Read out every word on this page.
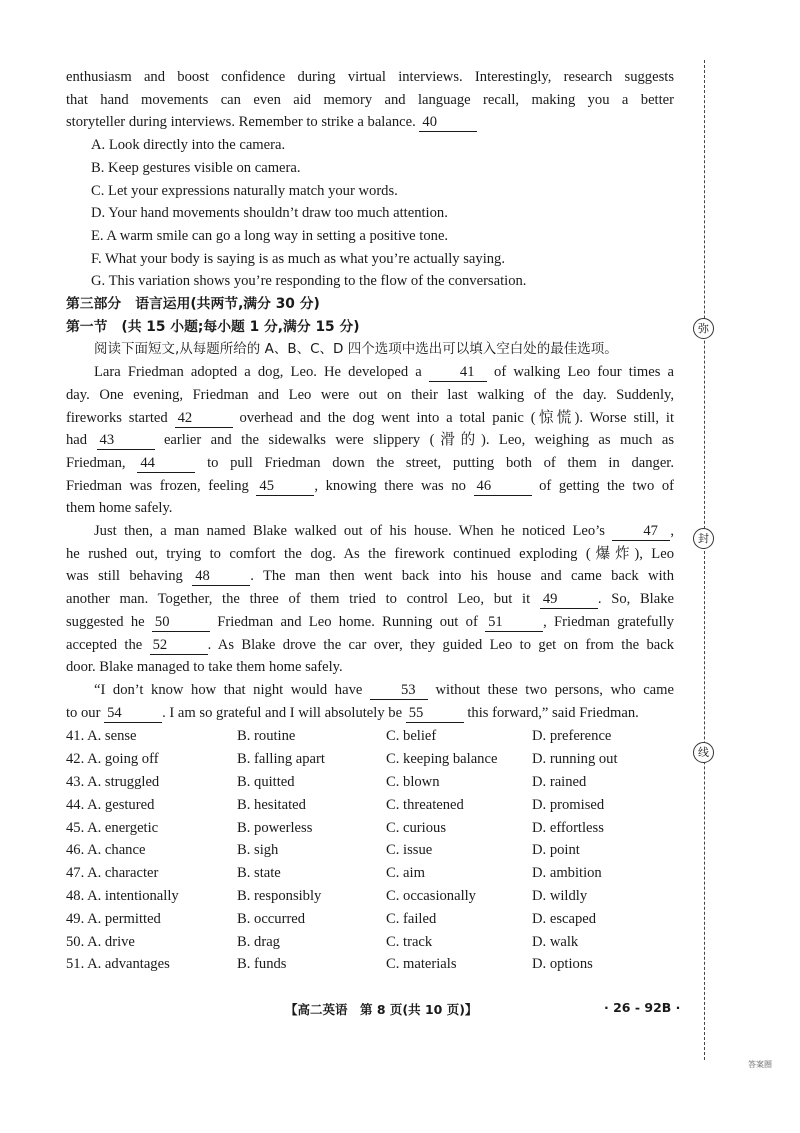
enthusiasm and boost confidence during virtual interviews. Interestingly, research suggests

that hand movements can even aid memory and language recall, making you a better

storyteller during interviews. Remember to strike a balance. 40

A. Look directly into the camera.

B. Keep gestures visible on camera.

C. Let your expressions naturally match your words.

D. Your hand movements shouldn’t draw too much attention.

E. A warm smile can go a long way in setting a positive tone.

F. What your body is saying is as much as what you’re actually saying.

G. This variation shows you’re responding to the flow of the conversation.

第三部分 语言运用(共两节,满分 30 分)

第一节 (共 15 小题;每小题 1 分,满分 15 分)

阅读下面短文,从每题所给的 A、B、C、D 四个选项中选出可以填入空白处的最佳选项。

Lara Friedman adopted a dog, Leo. He developed a	41 of walking Leo four times a

day. One evening, Friedman and Leo were out on their last walking of the day. Suddenly,

fireworks started 42	overhead and the dog went into a total panic (惊慌). Worse still, it

had 43	earlier and the sidewalks were slippery (滑的). Leo, weighing as much as

Friedman, 44	to pull Friedman down the street, putting both of them in danger.

Friedman was frozen, feeling 45	, knowing there was no 46	of getting the two of

them home safely.

Just then, a man named Blake walked out of his house. When he noticed Leo’s	47 ,

he rushed out, trying to comfort the dog. As the firework continued exploding (爆炸), Leo

was still behaving 48	. The man then went back into his house and came back with

another man. Together, the three of them tried to control Leo, but it 49	. So, Blake

suggested he 50	Friedman and Leo home. Running out of 51	, Friedman gratefully

accepted the 52	. As Blake drove the car over, they guided Leo to get on from the back

door. Blake managed to take them home safely.

“I don’t know how that night would have	53 without these two persons, who came

to our 54	. I am so grateful and I will absolutely be 55	this forward,” said Friedman.

41. A. sense	B. routine	C. belief	D. preference
42. A. going off	B. falling apart	C. keeping balance	D. running out
43. A. struggled	B. quitted	C. blown	D. rained
44. A. gestured	B. hesitated	C. threatened	D. promised
45. A. energetic	B. powerless	C. curious	D. effortless
46. A. chance	B. sigh	C. issue	D. point
47. A. character	B. state	C. aim	D. ambition
48. A. intentionally	B. responsibly	C. occasionally	D. wildly
49. A. permitted	B. occurred	C. failed	D. escaped
50. A. drive	B. drag	C. track	D. walk
51. A. advantages	B. funds	C. materials	D. options
【高二英语　第 8 页(共 10 页)】	· 26 - 92B ·
弥
封
线
答案圈
